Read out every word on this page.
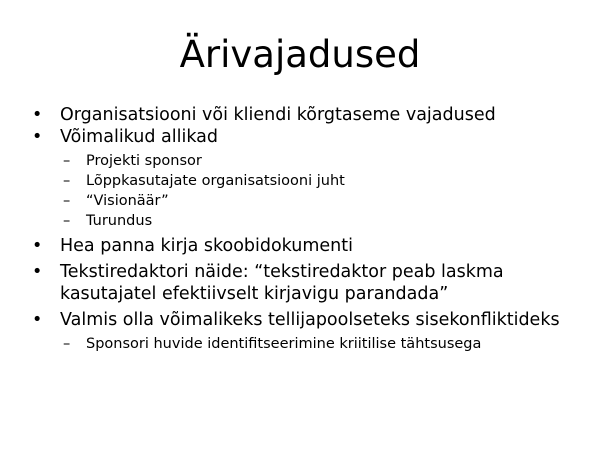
Ärivajadused
•	Organisatsiooni või kliendi kõrgtaseme vajadused
•	Võimalikud allikad
– Projekti sponsor
– Lõppkasutajate organisatsiooni juht
– “Visionäär”
– Turundus
•	Hea panna kirja skoobidokumenti
•	Tekstiredaktori näide: “tekstiredaktor peab laskma
kasutajatel efektiivselt kirjavigu parandada”
•	Valmis olla võimalikeks tellijapoolseteks sisekonfliktideks
– Sponsori huvide identifitseerimine kriitilise tähtsusega
